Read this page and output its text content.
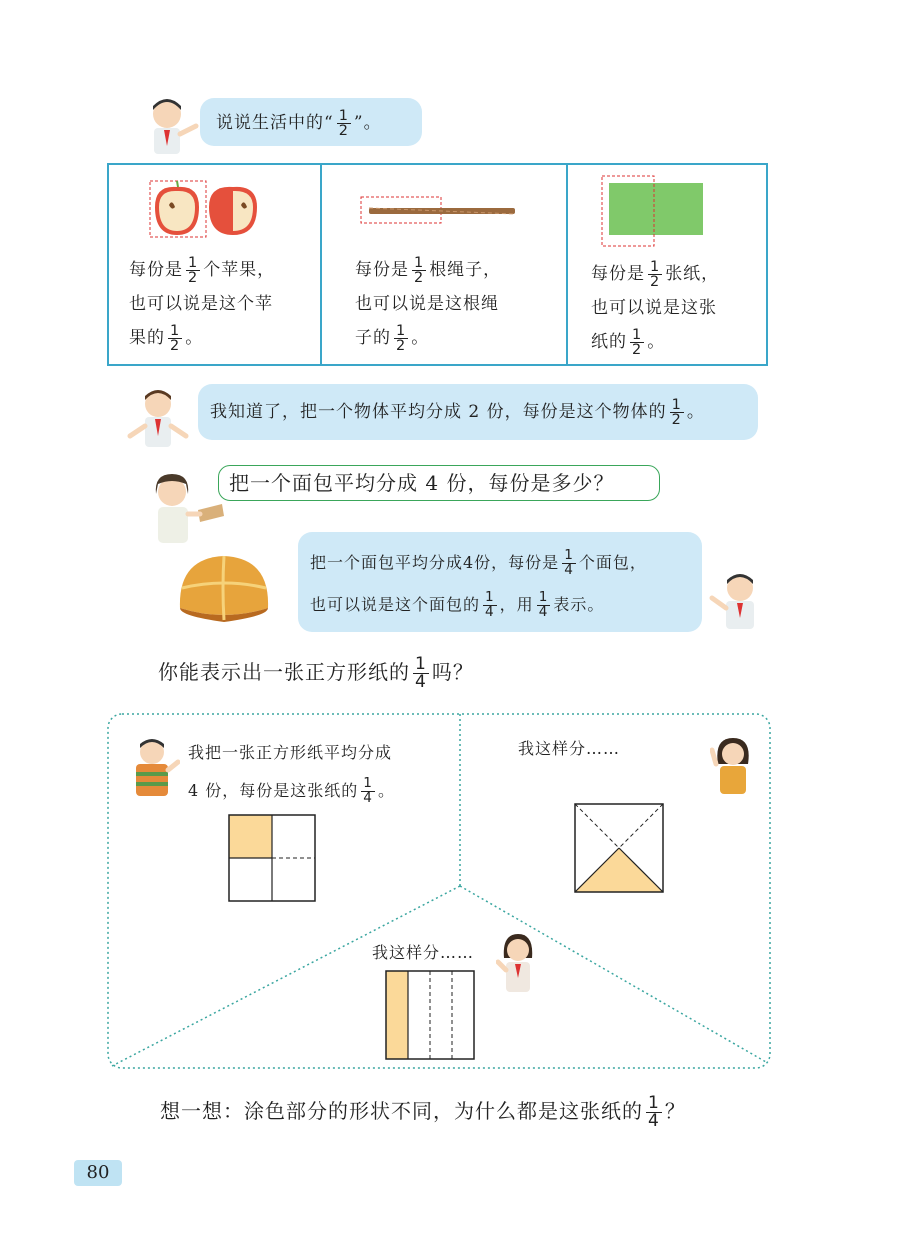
说说生活中的“ $\frac{1}{2}$ ”。
每份是 $\frac{1}{2}$ 个苹果，
也可以说是这个苹
果的 $\frac{1}{2}$ 。
每份是 $\frac{1}{2}$ 根绳子，
也可以说是这根绳
子的 $\frac{1}{2}$ 。
每份是 $\frac{1}{2}$ 张纸，
也可以说是这张
纸的 $\frac{1}{2}$ 。
我知道了，把一个物体平均分成 2 份，每份是这个物体的 $\frac{1}{2}$ 。
把一个面包平均分成 4 份，每份是多少？
把一个面包平均分成4份，每份是 $\frac{1}{4}$ 个面包，
也可以说是这个面包的 $\frac{1}{4}$ ，用 $\frac{1}{4}$ 表示。
你能表示出一张正方形纸的 $\frac{1}{4}$ 吗？
我把一张正方形纸平均分成
4 份，每份是这张纸的 $\frac{1}{4}$ 。
我这样分……
我这样分……
想一想：涂色部分的形状不同，为什么都是这张纸的 $\frac{1}{4}$ ？
80
